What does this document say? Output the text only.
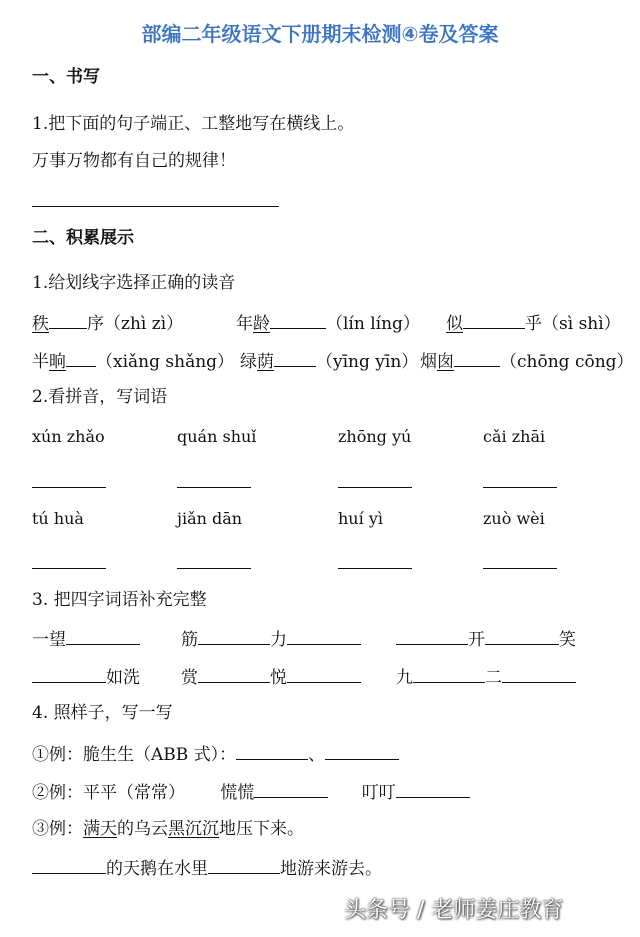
部编二年级语文下册期末检测④卷及答案
一、书写
1.把下面的句子端正、工整地写在横线上。
万事万物都有自己的规律！
二、积累展示
1.给划线字选择正确的读音
秩 序（zhì zì）	年龄	（lín líng） 似	乎（sì shì）
半晌 （xiǎng shǎng） 绿荫 （yīng yīn） 烟囱	（chōng cōng）
2.看拼音，写词语
xún zhǎo	quán shuǐ	zhōng yú	cǎi zhāi
tú huà	jiǎn dān	huí yì	zuò wèi
3. 把四字词语补充完整
一望	筋	力	开	笑
如洗 赏	悦	九	二
4. 照样子，写一写
①例：脆生生（ABB 式）：	、
②例：平平（常常） 慌慌	叮叮
③例：满天的乌云黑沉沉地压下来。
的天鹅在水里	地游来游去。
头条号 / 老师姜庄教育
